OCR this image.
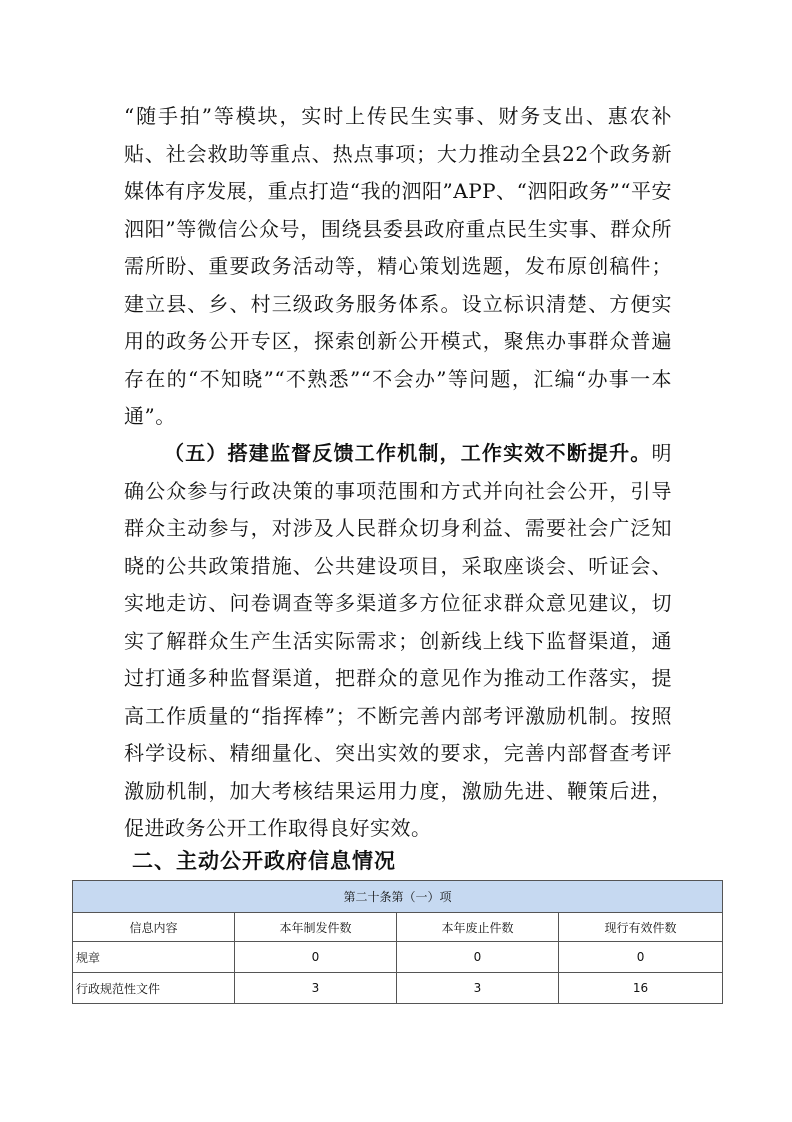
“随手拍”等模块，实时上传民生实事、财务支出、惠农补贴、社会救助等重点、热点事项；大力推动全县22个政务新媒体有序发展，重点打造“我的泗阳”APP、“泗阳政务”“平安泗阳”等微信公众号，围绕县委县政府重点民生实事、群众所需所盼、重要政务活动等，精心策划选题，发布原创稿件；建立县、乡、村三级政务服务体系。设立标识清楚、方便实用的政务公开专区，探索创新公开模式，聚焦办事群众普遍存在的“不知晓”“不熟悉”“不会办”等问题，汇编“办事一本通”。

（五）搭建监督反馈工作机制，工作实效不断提升。明确公众参与行政决策的事项范围和方式并向社会公开，引导群众主动参与，对涉及人民群众切身利益、需要社会广泛知晓的公共政策措施、公共建设项目，采取座谈会、听证会、实地走访、问卷调查等多渠道多方位征求群众意见建议，切实了解群众生产生活实际需求；创新线上线下监督渠道，通过打通多种监督渠道，把群众的意见作为推动工作落实，提高工作质量的“指挥棒”；不断完善内部考评激励机制。按照科学设标、精细量化、突出实效的要求，完善内部督查考评激励机制，加大考核结果运用力度，激励先进、鞭策后进，促进政务公开工作取得良好实效。

二、主动公开政府信息情况
第二十条第（一）项			
信息内容	本年制发件数	本年废止件数	现行有效件数
规章	0	0	0
行政规范性文件	3	3	16
